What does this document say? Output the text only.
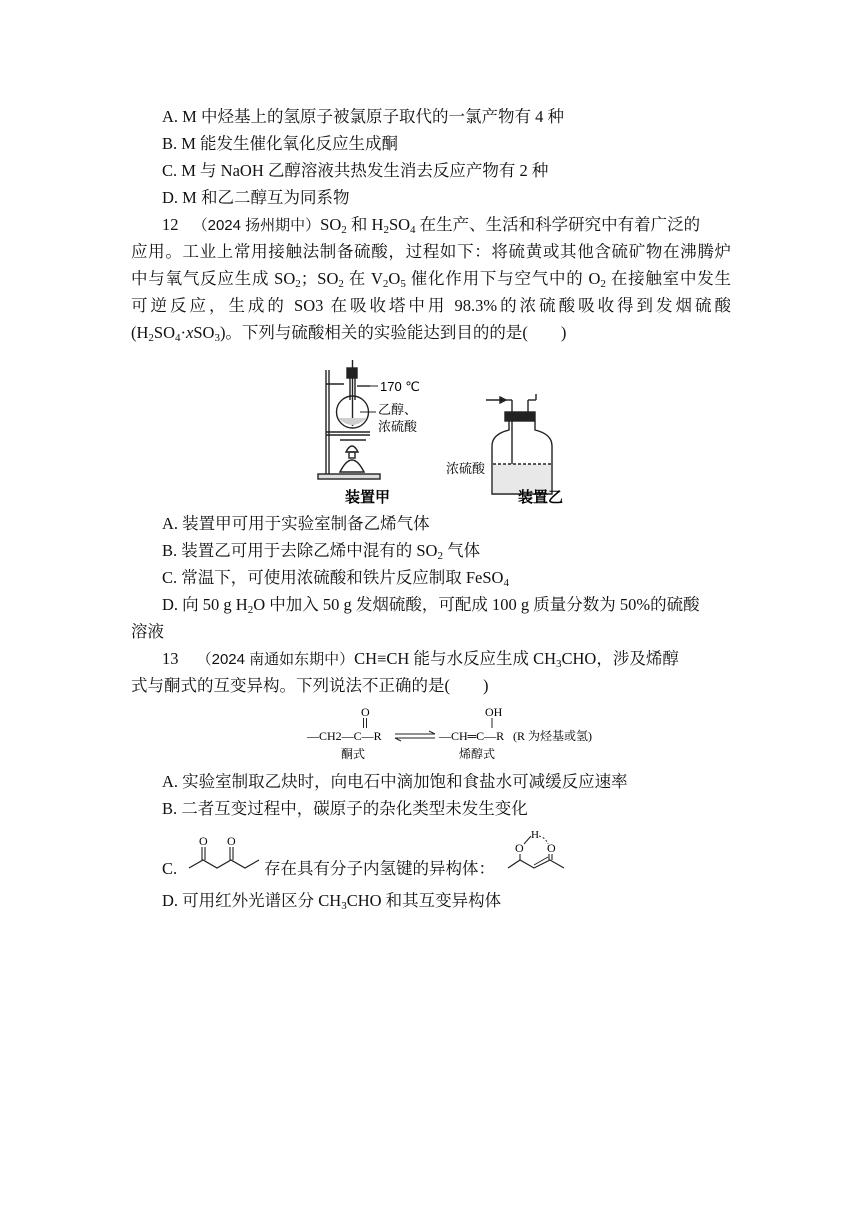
A. M 中烃基上的氢原子被氯原子取代的一氯产物有 4 种
B. M 能发生催化氧化反应生成酮
C. M 与 NaOH 乙醇溶液共热发生消去反应产物有 2 种
D. M 和乙二醇互为同系物
12 （2024 扬州期中）$SO_2$ 和 $H_2SO_4$ 在生产、生活和科学研究中有着广泛的
应用。工业上常用接触法制备硫酸，过程如下：将硫黄或其他含硫矿物在沸腾炉
中与氧气反应生成 $SO_2$；$SO_2$ 在 $V_2O_5$ 催化作用下与空气中的 $O_2$ 在接触室中发生
可逆反应，生成的 SO3 在吸收塔中用 98.3%的浓硫酸吸收得到发烟硫酸
$(H_2SO_4\cdot xSO_3)$。下列与硫酸相关的实验能达到目的的是(　　)
170 ℃
乙醇、
浓硫酸
装置甲
浓硫酸
装置乙
A. 装置甲可用于实验室制备乙烯气体
B. 装置乙可用于去除乙烯中混有的 $SO_2$ 气体
C. 常温下，可使用浓硫酸和铁片反应制取 FeSO$_4$
D. 向 50 g $H_2O$ 中加入 50 g 发烟硫酸，可配成 100 g 质量分数为 50%的硫酸
溶液
13 （2024 南通如东期中）CH≡CH 能与水反应生成 $CH_3CHO$，涉及烯醇
式与酮式的互变异构。下列说法不正确的是(　　)
O
—CH2—C—R
OH
—CH═C—R (R 为烃基或氢)
酮式	烯醇式
A. 实验室制取乙炔时，向电石中滴加饱和食盐水可减缓反应速率
B. 二者互变过程中，碳原子的杂化类型未发生变化
C.
O O
存在具有分子内氢键的异构体：
H
O O
D. 可用红外光谱区分 $CH_3CHO$ 和其互变异构体
